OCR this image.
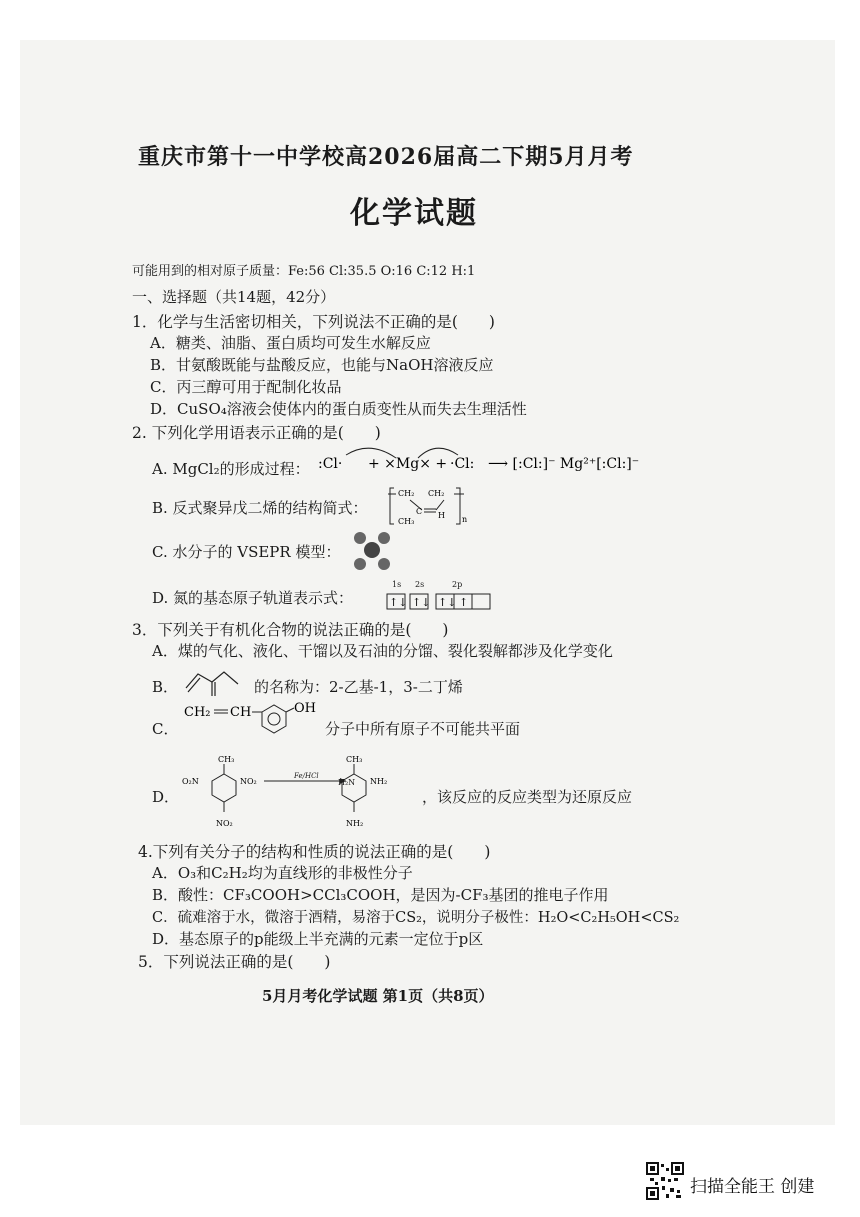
重庆市第十一中学校高2026届高二下期5月月考
化学试题
可能用到的相对原子质量：Fe:56 Cl:35.5 O:16 C:12 H:1
一、选择题（共14题，42分）
1．化学与生活密切相关，下列说法不正确的是(　　)
A．糖类、油脂、蛋白质均可发生水解反应
B．甘氨酸既能与盐酸反应，也能与NaOH溶液反应
C．丙三醇可用于配制化妆品
D．CuSO₄溶液会使体内的蛋白质变性从而失去生理活性
2. 下列化学用语表示正确的是(　　)
A. MgCl₂的形成过程： :Cl· + ×Mg× + ·Cl: ⟶ [:Cl:]⁻ Mg²⁺[:Cl:]⁻
B. 反式聚异戊二烯的结构简式：
CH₂ CH₂
C H
CH₃	n
C. 水分子的 VSEPR 模型：
D. 氮的基态原子轨道表示式：
1s 2s	2p
↑↓ ↑↓ ↑↓ ↑
3．下列关于有机化合物的说法正确的是(　　)
A．煤的气化、液化、干馏以及石油的分馏、裂化裂解都涉及化学变化
B．	的名称为：2-乙基-1，3-二丁烯
C．
CH₂ CH	OH
分子中所有原子不可能共平面
D．
CH₃
O₂N	NO₂
NO₂
CH₃
NH₂
NH₂
Fe/HCl
H₂N
，该反应的反应类型为还原反应
4.下列有关分子的结构和性质的说法正确的是(　　)
A．O₃和C₂H₂均为直线形的非极性分子
B．酸性：CF₃COOH>CCl₃COOH，是因为-CF₃基团的推电子作用
C．硫难溶于水，微溶于酒精，易溶于CS₂，说明分子极性：H₂O<C₂H₅OH<CS₂
D．基态原子的p能级上半充满的元素一定位于p区
5．下列说法正确的是(　　)
5月月考化学试题 第1页（共8页）
扫描全能王 创建
